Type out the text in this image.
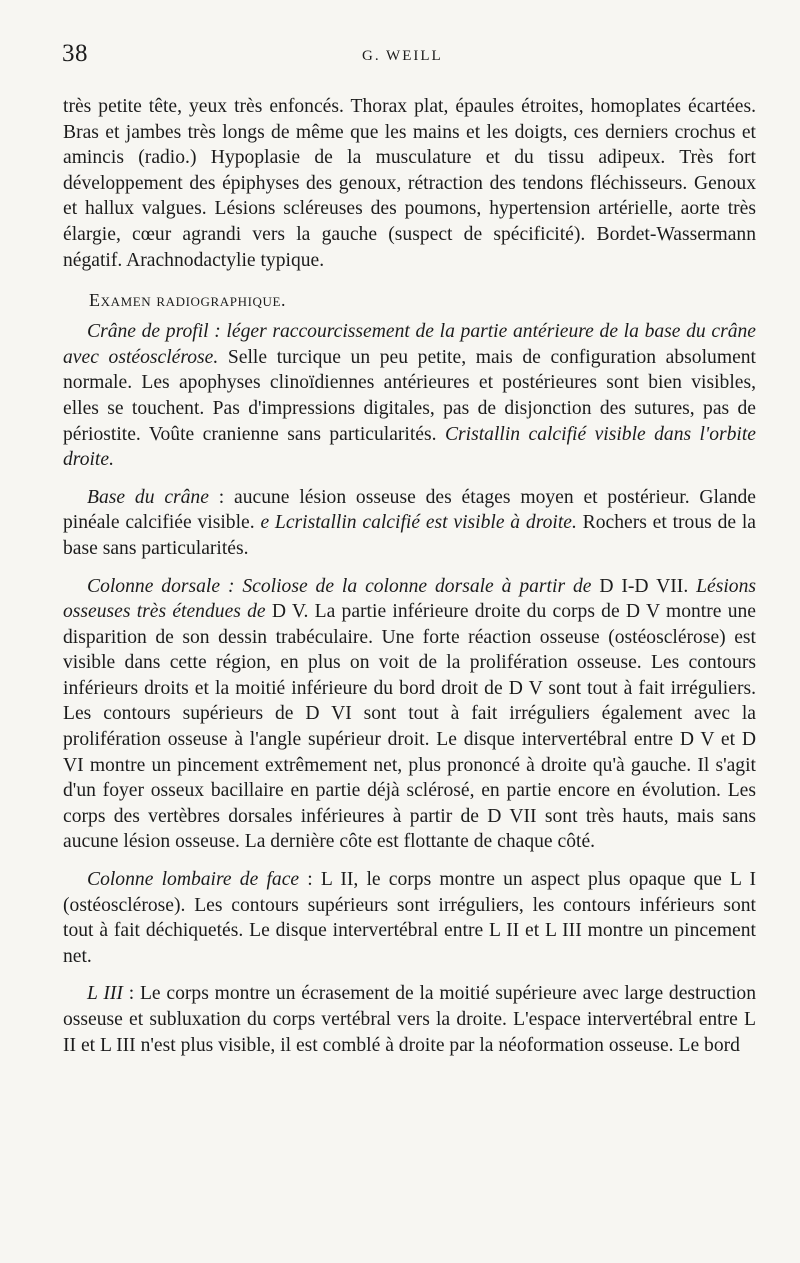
38	G. WEILL

très petite tête, yeux très enfoncés. Thorax plat, épaules étroites, homoplates écartées. Bras et jambes très longs de même que les mains et les doigts, ces derniers crochus et amincis (radio.) Hypoplasie de la musculature et du tissu adipeux. Très fort développement des épiphyses des genoux, rétraction des tendons fléchisseurs. Genoux et hallux valgues. Lésions scléreuses des poumons, hypertension artérielle, aorte très élargie, cœur agrandi vers la gauche (suspect de spécificité). Bordet-Wassermann négatif. Arachnodactylie typique.

Examen radiographique.

Crâne de profil : léger raccourcissement de la partie antérieure de la base du crâne avec ostéosclérose. Selle turcique un peu petite, mais de configuration absolument normale. Les apophyses clinoïdiennes antérieures et postérieures sont bien visibles, elles se touchent. Pas d'impressions digitales, pas de disjonction des sutures, pas de périostite. Voûte cranienne sans particularités. Cristallin calcifié visible dans l'orbite droite.

Base du crâne : aucune lésion osseuse des étages moyen et postérieur. Glande pinéale calcifiée visible. e Lcristallin calcifié est visible à droite. Rochers et trous de la base sans particularités.

Colonne dorsale : Scoliose de la colonne dorsale à partir de D I-D VII. Lésions osseuses très étendues de D V. La partie inférieure droite du corps de D V montre une disparition de son dessin trabéculaire. Une forte réaction osseuse (ostéosclérose) est visible dans cette région, en plus on voit de la prolifération osseuse. Les contours inférieurs droits et la moitié inférieure du bord droit de D V sont tout à fait irréguliers. Les contours supérieurs de D VI sont tout à fait irréguliers également avec la prolifération osseuse à l'angle supérieur droit. Le disque intervertébral entre D V et D VI montre un pincement extrêmement net, plus prononcé à droite qu'à gauche. Il s'agit d'un foyer osseux bacillaire en partie déjà sclérosé, en partie encore en évolution. Les corps des vertèbres dorsales inférieures à partir de D VII sont très hauts, mais sans aucune lésion osseuse. La dernière côte est flottante de chaque côté.

Colonne lombaire de face : L II, le corps montre un aspect plus opaque que L I (ostéosclérose). Les contours supérieurs sont irréguliers, les contours inférieurs sont tout à fait déchiquetés. Le disque intervertébral entre L II et L III montre un pincement net.

L III : Le corps montre un écrasement de la moitié supérieure avec large destruction osseuse et subluxation du corps vertébral vers la droite. L'espace intervertébral entre L II et L III n'est plus visible, il est comblé à droite par la néoformation osseuse. Le bord
